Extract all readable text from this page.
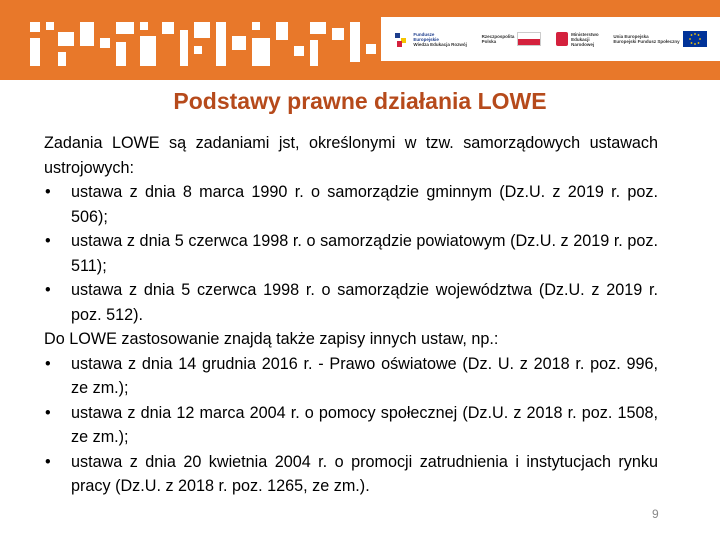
Fundusze
Europejskie
Wiedza Edukacja Rozwój
Rzeczpospolita
Polska
Ministerstwo
Edukacji
Narodowej
Unia Europejska
Europejski Fundusz Społeczny
Podstawy prawne działania LOWE

Zadania LOWE są zadaniami jst, określonymi w tzw. samorządowych ustawach ustrojowych:

• ustawa z dnia 8 marca 1990 r. o samorządzie gminnym (Dz.U. z 2019 r. poz. 506);
• ustawa z dnia 5 czerwca 1998 r. o samorządzie powiatowym (Dz.U. z 2019 r. poz. 511);
• ustawa z dnia 5 czerwca 1998 r. o samorządzie województwa (Dz.U. z 2019 r. poz. 512).

Do LOWE zastosowanie znajdą także zapisy innych ustaw, np.:

• ustawa z dnia 14 grudnia 2016 r. - Prawo oświatowe (Dz. U. z 2018 r. poz. 996, ze zm.);
• ustawa z dnia 12 marca 2004 r. o pomocy społecznej (Dz.U. z 2018 r. poz. 1508, ze zm.);
• ustawa z dnia 20 kwietnia 2004 r. o promocji zatrudnienia i instytucjach rynku pracy (Dz.U. z 2018 r. poz. 1265, ze zm.).
9
